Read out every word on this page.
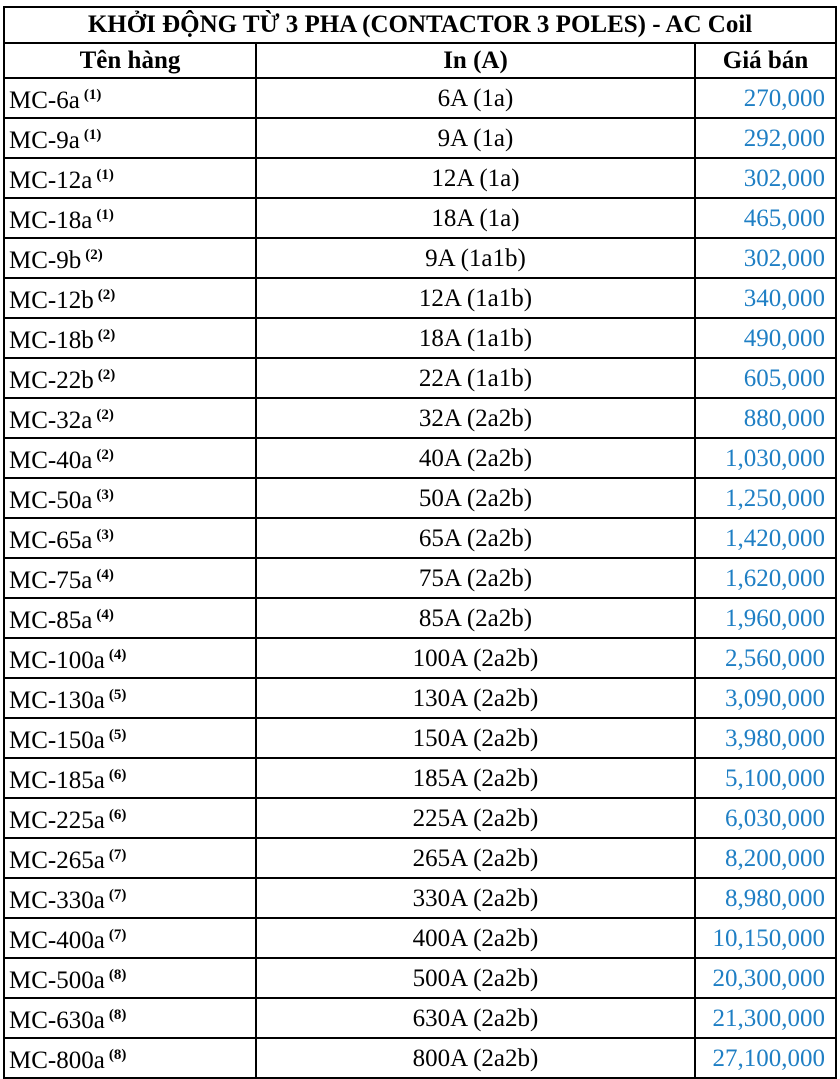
KHỞI ĐỘNG TỪ 3 PHA (CONTACTOR 3 POLES) - AC Coil		
Tên hàng	In (A)	Giá bán
MC-6a $^{(1)}$	6A (1a)	270,000
MC-9a $^{(1)}$	9A (1a)	292,000
MC-12a $^{(1)}$	12A (1a)	302,000
MC-18a $^{(1)}$	18A (1a)	465,000
MC-9b $^{(2)}$	9A (1a1b)	302,000
MC-12b $^{(2)}$	12A (1a1b)	340,000
MC-18b $^{(2)}$	18A (1a1b)	490,000
MC-22b $^{(2)}$	22A (1a1b)	605,000
MC-32a $^{(2)}$	32A (2a2b)	880,000
MC-40a $^{(2)}$	40A (2a2b)	1,030,000
MC-50a $^{(3)}$	50A (2a2b)	1,250,000
MC-65a $^{(3)}$	65A (2a2b)	1,420,000
MC-75a $^{(4)}$	75A (2a2b)	1,620,000
MC-85a $^{(4)}$	85A (2a2b)	1,960,000
MC-100a $^{(4)}$	100A (2a2b)	2,560,000
MC-130a $^{(5)}$	130A (2a2b)	3,090,000
MC-150a $^{(5)}$	150A (2a2b)	3,980,000
MC-185a $^{(6)}$	185A (2a2b)	5,100,000
MC-225a $^{(6)}$	225A (2a2b)	6,030,000
MC-265a $^{(7)}$	265A (2a2b)	8,200,000
MC-330a $^{(7)}$	330A (2a2b)	8,980,000
MC-400a $^{(7)}$	400A (2a2b)	10,150,000
MC-500a $^{(8)}$	500A (2a2b)	20,300,000
MC-630a $^{(8)}$	630A (2a2b)	21,300,000
MC-800a $^{(8)}$	800A (2a2b)	27,100,000
